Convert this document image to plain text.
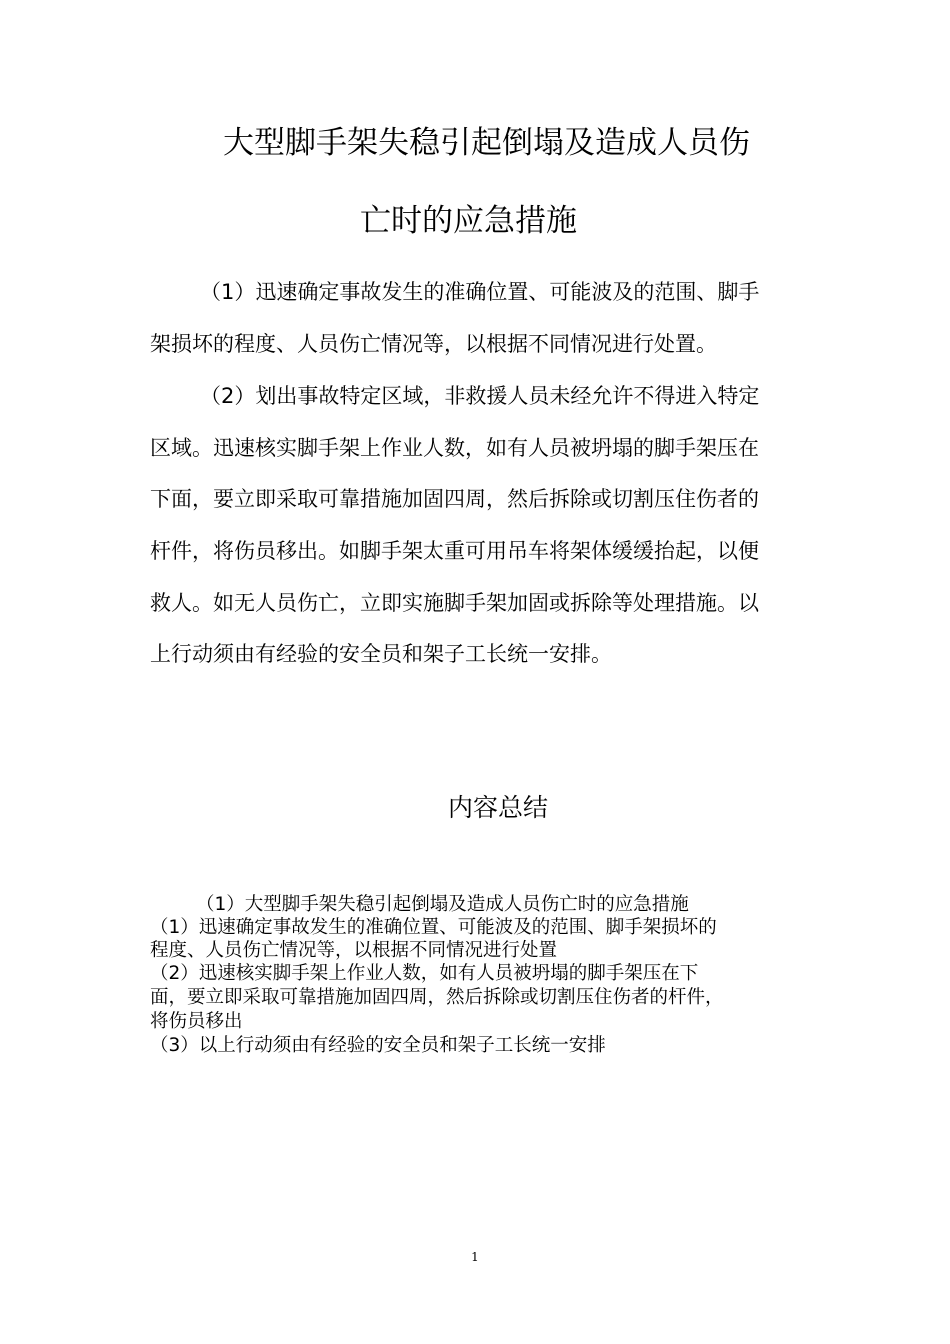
大型脚手架失稳引起倒塌及造成人员伤
亡时的应急措施
（1）迅速确定事故发生的准确位置、可能波及的范围、脚手
架损坏的程度、人员伤亡情况等，以根据不同情况进行处置。
（2）划出事故特定区域，非救援人员未经允许不得进入特定
区域。迅速核实脚手架上作业人数，如有人员被坍塌的脚手架压在
下面，要立即采取可靠措施加固四周，然后拆除或切割压住伤者的
杆件，将伤员移出。如脚手架太重可用吊车将架体缓缓抬起，以便
救人。如无人员伤亡，立即实施脚手架加固或拆除等处理措施。以
上行动须由有经验的安全员和架子工长统一安排。
内容总结
（1）大型脚手架失稳引起倒塌及造成人员伤亡时的应急措施
（1）迅速确定事故发生的准确位置、可能波及的范围、脚手架损坏的
程度、人员伤亡情况等，以根据不同情况进行处置
（2）迅速核实脚手架上作业人数，如有人员被坍塌的脚手架压在下
面，要立即采取可靠措施加固四周，然后拆除或切割压住伤者的杆件，
将伤员移出
（3）以上行动须由有经验的安全员和架子工长统一安排
1
